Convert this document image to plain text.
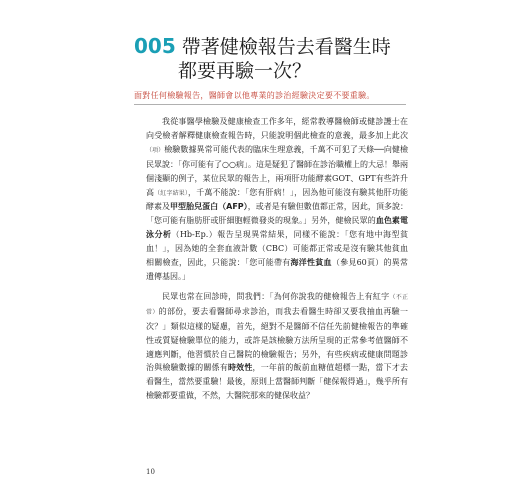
005 帶著健檢報告去看醫生時
都要再驗一次？
面對任何檢驗報告，醫師會以他專業的診治經驗決定要不要重驗。

我從事醫學檢驗及健康檢查工作多年，經常教導醫檢師或健診護士在向受檢者解釋健康檢查報告時，只能說明個此檢查的意義，最多加上此次（項）檢驗數據異常可能代表的臨床生理意義，千萬不可犯了天條──向健檢民眾說：「你可能有了○○病」。這是疑犯了醫師在診治職權上的大忌！舉兩個淺顯的例子，某位民眾的報告上，兩項肝功能酵素GOT、GPT有些許升高（紅字結果），千萬不能說：「您有肝病！」，因為他可能沒有驗其他肝功能酵素及甲型胎兒蛋白（AFP），或者是有驗但數值都正常，因此，頂多說：「您可能有脂肪肝或肝細胞輕微發炎的現象。」另外，健檢民眾的血色素電泳分析（Hb-Ep.）報告呈現異常結果，同樣不能說：「您有地中海型貧血！」，因為她的全套血液計數（CBC）可能都正常或是沒有驗其他貧血相關檢查，因此，只能說：「您可能帶有海洋性貧血（參見60頁）的異常遺傳基因。」

民眾也常在回診時，問我們：「為何你說我的健檢報告上有紅字（不正常）的部份，要去看醫師尋求診治，而我去看醫生時卻又要我抽血再驗一次？」類似這樣的疑慮，首先，絕對不是醫師不信任先前健檢報告的準確性或質疑檢驗單位的能力，或許是該檢驗方法所呈現的正常參考值醫師不適應判斷，他習慣於自己醫院的檢驗報告；另外，有些疾病或健康問題診治與檢驗數據的關係有時效性，一年前的飯前血糖值超標一點，當下才去看醫生，當然要重驗！最後，原則上當醫師判斷「健保報得過」，幾乎所有檢驗都要重做，不然，大醫院那來的健保收益？

10
